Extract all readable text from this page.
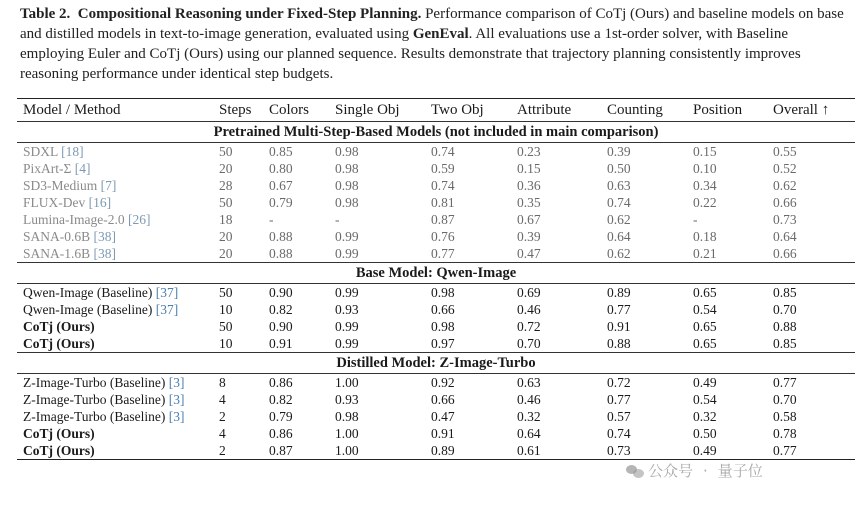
Table 2. Compositional Reasoning under Fixed-Step Planning. Performance comparison of CoTj (Ours) and baseline models on base and distilled models in text-to-image generation, evaluated using GenEval. All evaluations use a 1st-order solver, with Baseline employing Euler and CoTj (Ours) using our planned sequence. Results demonstrate that trajectory planning consistently improves reasoning performance under identical step budgets.
Model / Method	Steps	Colors	Single Obj	Two Obj	Attribute	Counting	Position	Overall ↑
Pretrained Multi-Step-Based Models (not included in main comparison)								
SDXL [18]	50	0.85	0.98	0.74	0.23	0.39	0.15	0.55
PixArt-Σ [4]	20	0.80	0.98	0.59	0.15	0.50	0.10	0.52
SD3-Medium [7]	28	0.67	0.98	0.74	0.36	0.63	0.34	0.62
FLUX-Dev [16]	50	0.79	0.98	0.81	0.35	0.74	0.22	0.66
Lumina-Image-2.0 [26]	18	-	-	0.87	0.67	0.62	-	0.73
SANA-0.6B [38]	20	0.88	0.99	0.76	0.39	0.64	0.18	0.64
SANA-1.6B [38]	20	0.88	0.99	0.77	0.47	0.62	0.21	0.66
Base Model: Qwen-Image								
Qwen-Image (Baseline) [37]	50	0.90	0.99	0.98	0.69	0.89	0.65	0.85
Qwen-Image (Baseline) [37]	10	0.82	0.93	0.66	0.46	0.77	0.54	0.70
CoTj (Ours)	50	0.90	0.99	0.98	0.72	0.91	0.65	0.88
CoTj (Ours)	10	0.91	0.99	0.97	0.70	0.88	0.65	0.85
Distilled Model: Z-Image-Turbo								
Z-Image-Turbo (Baseline) [3]	8	0.86	1.00	0.92	0.63	0.72	0.49	0.77
Z-Image-Turbo (Baseline) [3]	4	0.82	0.93	0.66	0.46	0.77	0.54	0.70
Z-Image-Turbo (Baseline) [3]	2	0.79	0.98	0.47	0.32	0.57	0.32	0.58
CoTj (Ours)	4	0.86	1.00	0.91	0.64	0.74	0.50	0.78
CoTj (Ours)	2	0.87	1.00	0.89	0.61	0.73	0.49	0.77
公众号 · 量子位
